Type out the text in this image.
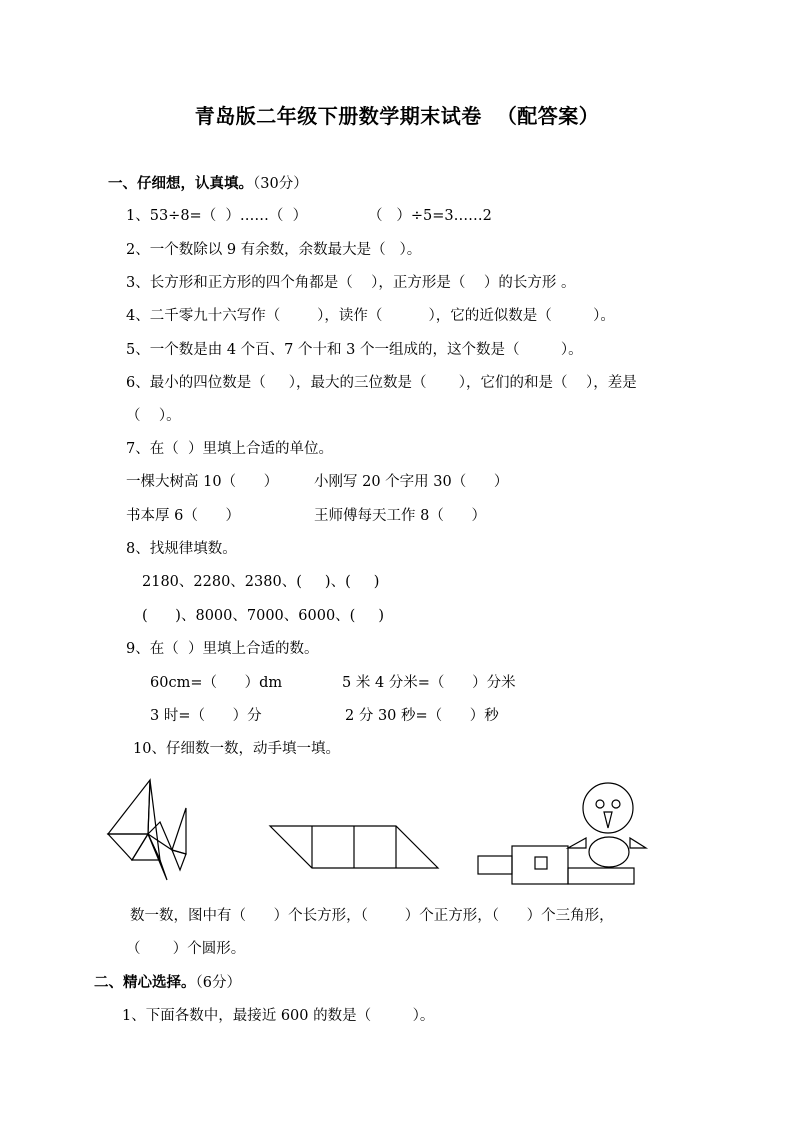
青岛版二年级下册数学期末试卷  （配答案）
一、仔细想，认真填。（30分）
1、53÷8=（  ）……（  ）	（   ）÷5=3……2
2、一个数除以 9 有余数，余数最大是（   ）。
3、长方形和正方形的四个角都是（    ），正方形是（    ）的长方形 。
4、二千零九十六写作（        ），读作（          ），它的近似数是（         ）。
5、一个数是由 4 个百、7 个十和 3 个一组成的，这个数是（         ）。
6、最小的四位数是（     ），最大的三位数是（       ），它们的和是（    ），差是
（    ）。
7、在（  ）里填上合适的单位。
一棵大树高 10（      ） 小刚写 20 个字用 30（      ）
书本厚 6（      ）	王师傅每天工作 8（      ）
8、找规律填数。
2180、2280、2380、(     )、(     )
(      )、8000、7000、6000、(     )
9、在（  ）里填上合适的数。
60cm=（      ）dm	5 米 4 分米=（      ）分米
3 时=（      ）分	2 分 30 秒=（      ）秒
10、仔细数一数，动手填一填。
数一数，图中有（      ）个长方形，（        ）个正方形，（      ）个三角形，
（       ）个圆形。
二、精心选择。（6分）
1、下面各数中，最接近 600 的数是（         ）。
